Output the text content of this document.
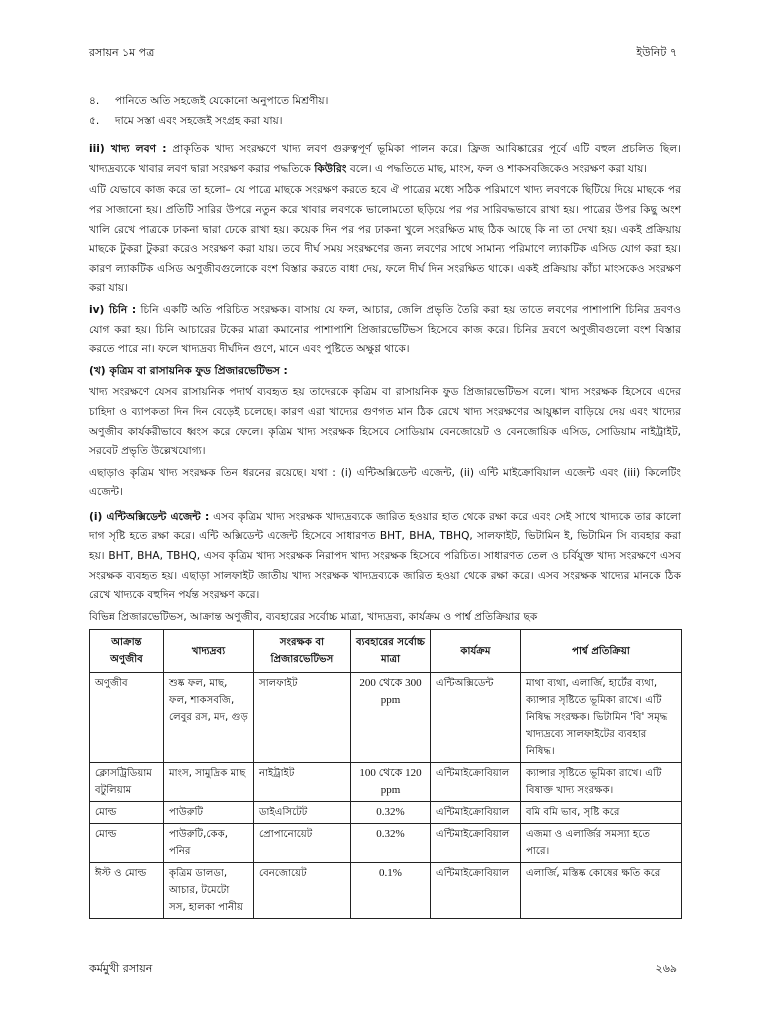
রসায়ন ১ম পত্র	ইউনিট ৭
৪. পানিতে অতি সহজেই যেকোনো অনুপাতে মিশ্রণীয়।
৫. দামে সস্তা এবং সহজেই সংগ্রহ করা যায়।

iii) খাদ্য লবণ : প্রাকৃতিক খাদ্য সংরক্ষণে খাদ্য লবণ গুরুত্বপূর্ণ ভূমিকা পালন করে। ফ্রিজ আবিষ্কারের পূর্বে এটি বহুল প্রচলিত ছিল। খাদ্যদ্রব্যকে খাবার লবণ দ্বারা সংরক্ষণ করার পদ্ধতিকে কিউরিং বলে। এ পদ্ধতিতে মাছ, মাংস, ফল ও শাকসবজিকেও সংরক্ষণ করা যায়।

এটি যেভাবে কাজ করে তা হলো– যে পাত্রে মাছকে সংরক্ষণ করতে হবে ঐ পাত্রের মধ্যে সঠিক পরিমাণে খাদ্য লবণকে ছিটিয়ে দিয়ে মাছকে পর পর সাজানো হয়। প্রতিটি সারির উপরে নতুন করে খাবার লবণকে ভালোমতো ছড়িয়ে পর পর সারিবদ্ধভাবে রাখা হয়। পাত্রের উপর কিছু অংশ খালি রেখে পাত্রকে ঢাকনা দ্বারা ঢেকে রাখা হয়। কয়েক দিন পর পর ঢাকনা খুলে সংরক্ষিত মাছ ঠিক আছে কি না তা দেখা হয়। একই প্রক্রিয়ায় মাছকে টুকরা টুকরা করেও সংরক্ষণ করা যায়। তবে দীর্ঘ সময় সংরক্ষণের জন্য লবণের সাথে সামান্য পরিমাণে ল্যাকটিক এসিড যোগ করা হয়। কারণ ল্যাকটিক এসিড অণুজীবগুলোকে বংশ বিস্তার করতে বাধা দেয়, ফলে দীর্ঘ দিন সংরক্ষিত থাকে। একই প্রক্রিয়ায় কাঁচা মাংসকেও সংরক্ষণ করা যায়।

iv) চিনি : চিনি একটি অতি পরিচিত সংরক্ষক। বাসায় যে ফল, আচার, জেলি প্রভৃতি তৈরি করা হয় তাতে লবণের পাশাপাশি চিনির দ্রবণও যোগ করা হয়। চিনি আচারের টকের মাত্রা কমানোর পাশাপাশি প্রিজারভেটিভস হিসেবে কাজ করে। চিনির দ্রবণে অণুজীবগুলো বংশ বিস্তার করতে পারে না। ফলে খাদ্যদ্রব্য দীর্ঘদিন গুণে, মানে এবং পুষ্টিতে অক্ষুণ্ণ থাকে।

(খ) কৃত্রিম বা রাসায়নিক ফুড প্রিজারভেটিভস :

খাদ্য সংরক্ষণে যেসব রাসায়নিক পদার্থ ব্যবহৃত হয় তাদেরকে কৃত্রিম বা রাসায়নিক ফুড প্রিজারভেটিভস বলে। খাদ্য সংরক্ষক হিসেবে এদের চাহিদা ও ব্যাপকতা দিন দিন বেড়েই চলেছে। কারণ এরা খাদ্যের গুণগত মান ঠিক রেখে খাদ্য সংরক্ষণের আয়ুষ্কাল বাড়িয়ে দেয় এবং খাদ্যের অণুজীব কার্যকরীভাবে ধ্বংস করে ফেলে। কৃত্রিম খাদ্য সংরক্ষক হিসেবে সোডিয়াম বেনজোয়েট ও বেনজোয়িক এসিড, সোডিয়াম নাইট্রাইট, সরবেট প্রভৃতি উল্লেখযোগ্য।

এছাড়াও কৃত্রিম খাদ্য সংরক্ষক তিন ধরনের রয়েছে। যথা : (i) এন্টিঅক্সিডেন্ট এজেন্ট, (ii) এন্টি মাইক্রোবিয়াল এজেন্ট এবং (iii) কিলেটিং এজেন্ট।

(i) এন্টিঅক্সিডেন্ট এজেন্ট : এসব কৃত্রিম খাদ্য সংরক্ষক খাদ্যদ্রব্যকে জারিত হওয়ার হাত থেকে রক্ষা করে এবং সেই সাথে খাদ্যকে তার কালো দাগ সৃষ্টি হতে রক্ষা করে। এন্টি অক্সিডেন্ট এজেন্ট হিসেবে সাধারণত BHT, BHA, TBHQ, সালফাইট, ভিটামিন ই, ভিটামিন সি ব্যবহার করা হয়। BHT, BHA, TBHQ, এসব কৃত্রিম খাদ্য সংরক্ষক নিরাপদ খাদ্য সংরক্ষক হিসেবে পরিচিত। সাধারণত তেল ও চর্বিযুক্ত খাদ্য সংরক্ষণে এসব সংরক্ষক ব্যবহৃত হয়। এছাড়া সালফাইট জাতীয় খাদ্য সংরক্ষক খাদ্যদ্রব্যকে জারিত হওয়া থেকে রক্ষা করে। এসব সংরক্ষক খাদ্যের মানকে ঠিক রেখে খাদ্যকে বহুদিন পর্যন্ত সংরক্ষণ করে।

বিভিন্ন প্রিজারভেটিভস, আক্রান্ত অণুজীব, ব্যবহারের সর্বোচ্চ মাত্রা, খাদ্যদ্রব্য, কার্যক্রম ও পার্শ্ব প্রতিক্রিয়ার ছক

আক্রান্ত অণুজীব	খাদ্যদ্রব্য	সংরক্ষক বা প্রিজারভেটিভস	ব্যবহারের সর্বোচ্চ মাত্রা	কার্যক্রম	পার্শ্ব প্রতিক্রিয়া
অণুজীব	শুষ্ক ফল, মাছ, ফল, শাকসবজি, লেবুর রস, মদ, গুড়	সালফাইট	200 থেকে 300 ppm	এন্টিঅক্সিডেন্ট	মাথা ব্যথা, এলার্জি, হার্টের ব্যথা, ক্যান্সার সৃষ্টিতে ভূমিকা রাখে। এটি নিষিদ্ধ সংরক্ষক। ভিটামিন 'বি' সমৃদ্ধ খাদ্যদ্রব্যে সালফাইটের ব্যবহার নিষিদ্ধ।
ক্লোসট্রিডিয়াম বটুলিয়াম	মাংস, সামুদ্রিক মাছ	নাইট্রাইট	100 থেকে 120 ppm	এন্টিমাইক্রোবিয়াল	ক্যান্সার সৃষ্টিতে ভূমিকা রাখে। এটি বিষাক্ত খাদ্য সংরক্ষক।
মোল্ড	পাউরুটি	ডাইএসিটেট	0.32%	এন্টিমাইক্রোবিয়াল	বমি বমি ভাব, সৃষ্টি করে
মোল্ড	পাউরুটি,কেক, পনির	প্রোপানোয়েট	0.32%	এন্টিমাইক্রোবিয়াল	এজমা ও এলার্জির সমস্যা হতে পারে।
ঈস্ট ও মোল্ড	কৃত্রিম ডালডা, আচার, টমেটো সস, হালকা পানীয়	বেনজোয়েট	0.1%	এন্টিমাইক্রোবিয়াল	এলার্জি, মস্তিষ্ক কোষের ক্ষতি করে
কর্মমুখী রসায়ন	২৬৯
